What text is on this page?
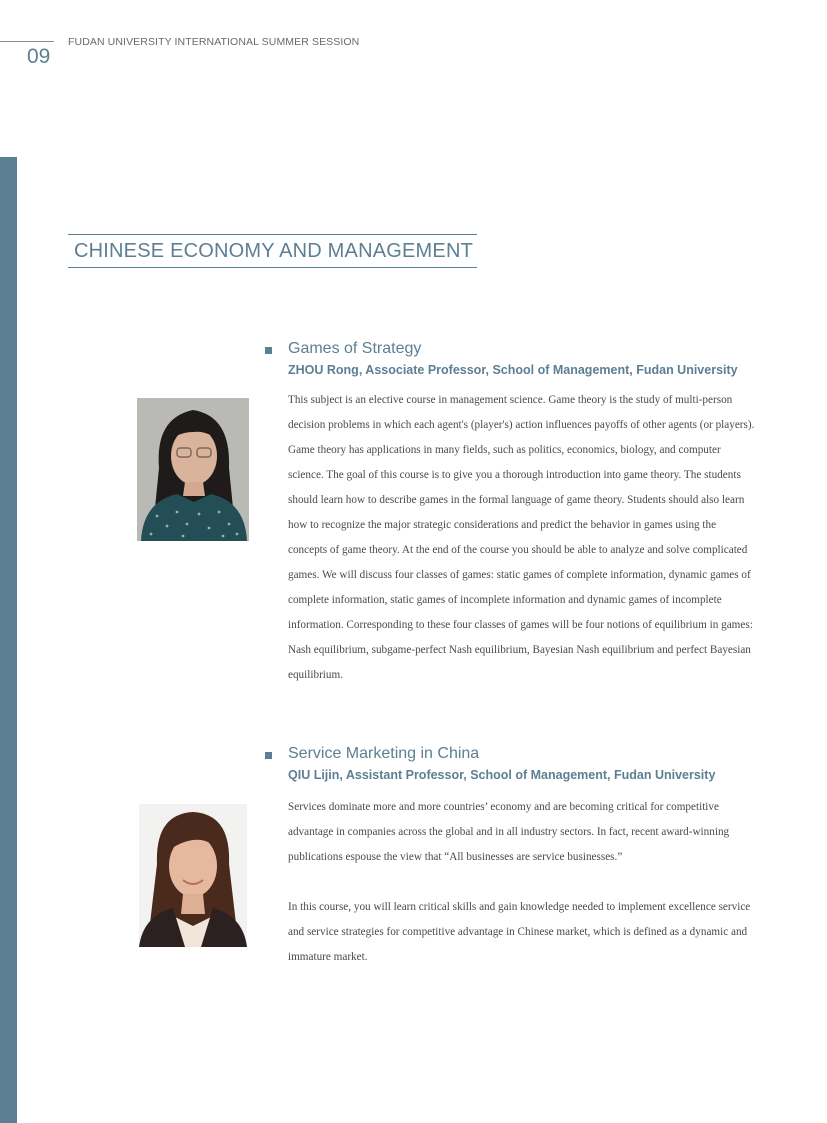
09
FUDAN UNIVERSITY INTERNATIONAL SUMMER SESSION
CHINESE ECONOMY AND MANAGEMENT
Games of Strategy
ZHOU Rong, Associate Professor, School of Management, Fudan University

This subject is an elective course in management science. Game theory is the study of multi-person decision problems in which each agent's (player's) action influences payoffs of other agents (or players). Game theory has applications in many fields, such as politics, economics, biology, and computer science. The goal of this course is to give you a thorough introduction into game theory. The students should learn how to describe games in the formal language of game theory. Students should also learn how to recognize the major strategic considerations and predict the behavior in games using the concepts of game theory. At the end of the course you should be able to analyze and solve complicated games. We will discuss four classes of games: static games of complete information, dynamic games of complete information, static games of incomplete information and dynamic games of incomplete information. Corresponding to these four classes of games will be four notions of equilibrium in games: Nash equilibrium, subgame-perfect Nash equilibrium, Bayesian Nash equilibrium and perfect Bayesian equilibrium.

Service Marketing in China
QIU Lijin, Assistant Professor, School of Management, Fudan University

Services dominate more and more countries’ economy and are becoming critical for competitive advantage in companies across the global and in all industry sectors. In fact, recent award-winning publications espouse the view that “All businesses are service businesses.”

In this course, you will learn critical skills and gain knowledge needed to implement excellence service and service strategies for competitive advantage in Chinese market, which is defined as a dynamic and immature market.
